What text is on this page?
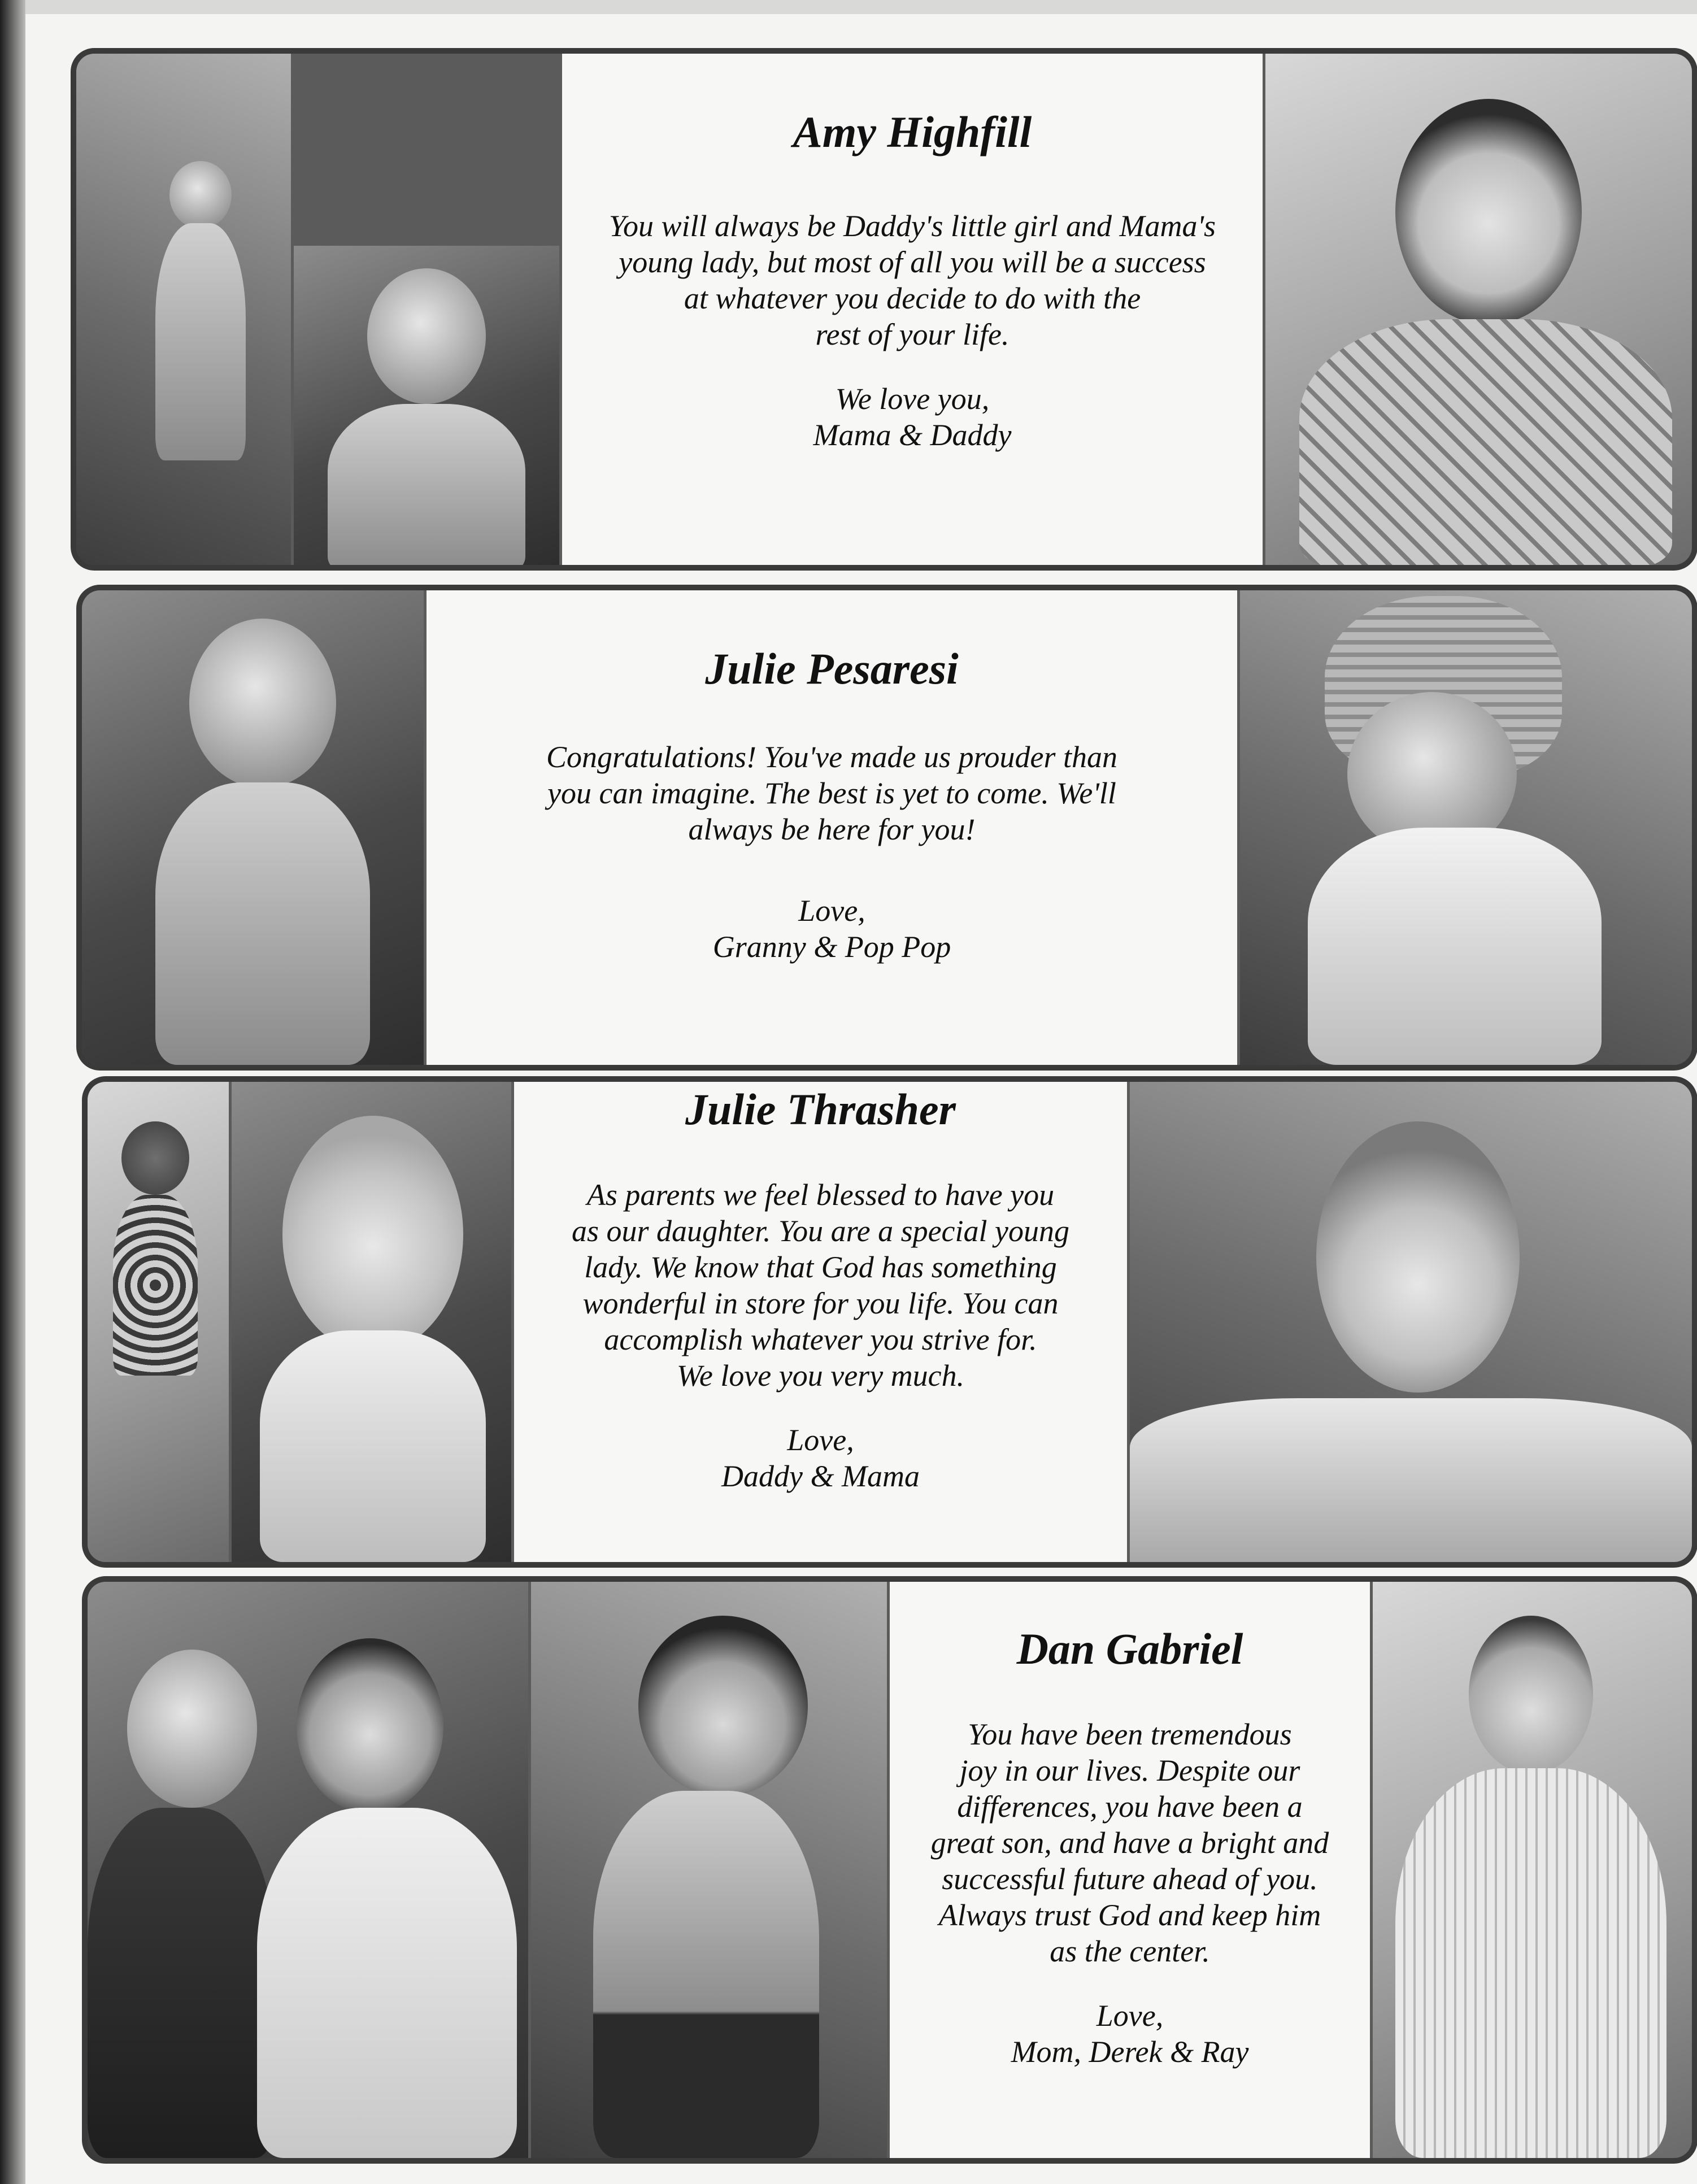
Amy Highfill

You will always be Daddy's little girl and Mama's
young lady, but most of all you will be a success
at whatever you decide to do with the
rest of your life.

We love you,
Mama & Daddy

Julie Pesaresi

Congratulations! You've made us prouder than
you can imagine. The best is yet to come. We'll
always be here for you!

Love,
Granny & Pop Pop

Julie Thrasher

As parents we feel blessed to have you
as our daughter. You are a special young
lady. We know that God has something
wonderful in store for you life. You can
accomplish whatever you strive for.
We love you very much.

Love,
Daddy & Mama

Dan Gabriel

You have been tremendous
joy in our lives. Despite our
differences, you have been a
great son, and have a bright and
successful future ahead of you.
Always trust God and keep him
as the center.

Love,
Mom, Derek & Ray
